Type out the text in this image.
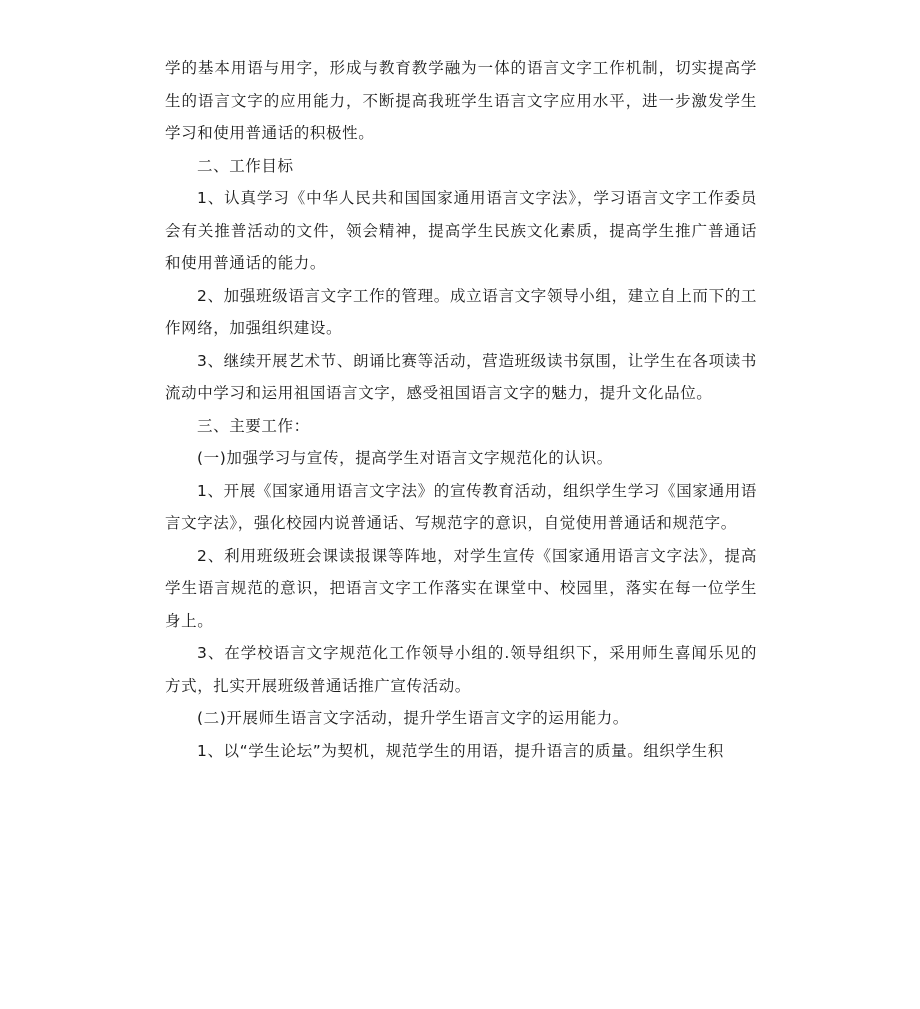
学的基本用语与用字，形成与教育教学融为一体的语言文字工作机制，切实提高学生的语言文字的应用能力，不断提高我班学生语言文字应用水平，进一步激发学生学习和使用普通话的积极性。

二、工作目标

1、认真学习《中华人民共和国国家通用语言文字法》，学习语言文字工作委员会有关推普活动的文件，领会精神，提高学生民族文化素质，提高学生推广普通话和使用普通话的能力。

2、加强班级语言文字工作的管理。成立语言文字领导小组，建立自上而下的工作网络，加强组织建设。

3、继续开展艺术节、朗诵比赛等活动，营造班级读书氛围，让学生在各项读书流动中学习和运用祖国语言文字，感受祖国语言文字的魅力，提升文化品位。

三、主要工作：

(一)加强学习与宣传，提高学生对语言文字规范化的认识。

1、开展《国家通用语言文字法》的宣传教育活动，组织学生学习《国家通用语言文字法》，强化校园内说普通话、写规范字的意识，自觉使用普通话和规范字。

2、利用班级班会课读报课等阵地，对学生宣传《国家通用语言文字法》，提高学生语言规范的意识，把语言文字工作落实在课堂中、校园里，落实在每一位学生身上。

3、在学校语言文字规范化工作领导小组的.领导组织下，采用师生喜闻乐见的方式，扎实开展班级普通话推广宣传活动。

(二)开展师生语言文字活动，提升学生语言文字的运用能力。

1、以“学生论坛”为契机，规范学生的用语，提升语言的质量。组织学生积
